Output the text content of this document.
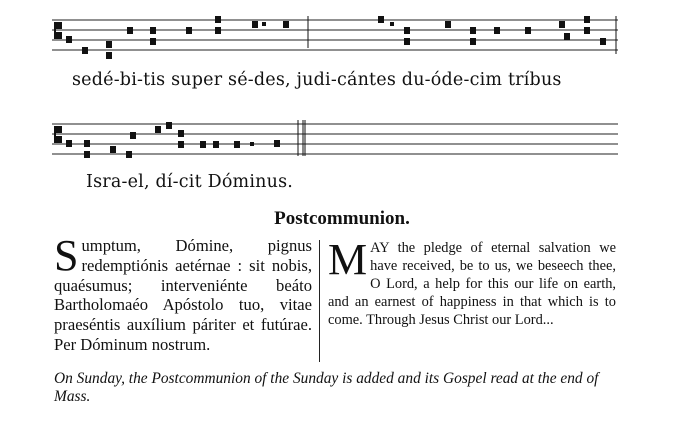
sedé-bi-tis super sé-des, judi-cántes du-óde-cim tríbus
Isra-el, dí-cit Dóminus.
Postcommunion.
Sumptum, Dómine, pignus redemptiónis aetérnae : sit nobis, quaésumus; interveniénte beáto Bartholomaéo Apóstolo tuo, vitae praeséntis auxílium páriter et futúrae. Per Dóminum nostrum.
MAY the pledge of eternal salvation we have received, be to us, we beseech thee, O Lord, a help for this our life on earth, and an earnest of happiness in that which is to come. Through Jesus Christ our Lord...
On Sunday, the Postcommunion of the Sunday is added and its Gospel read at the end of Mass.
